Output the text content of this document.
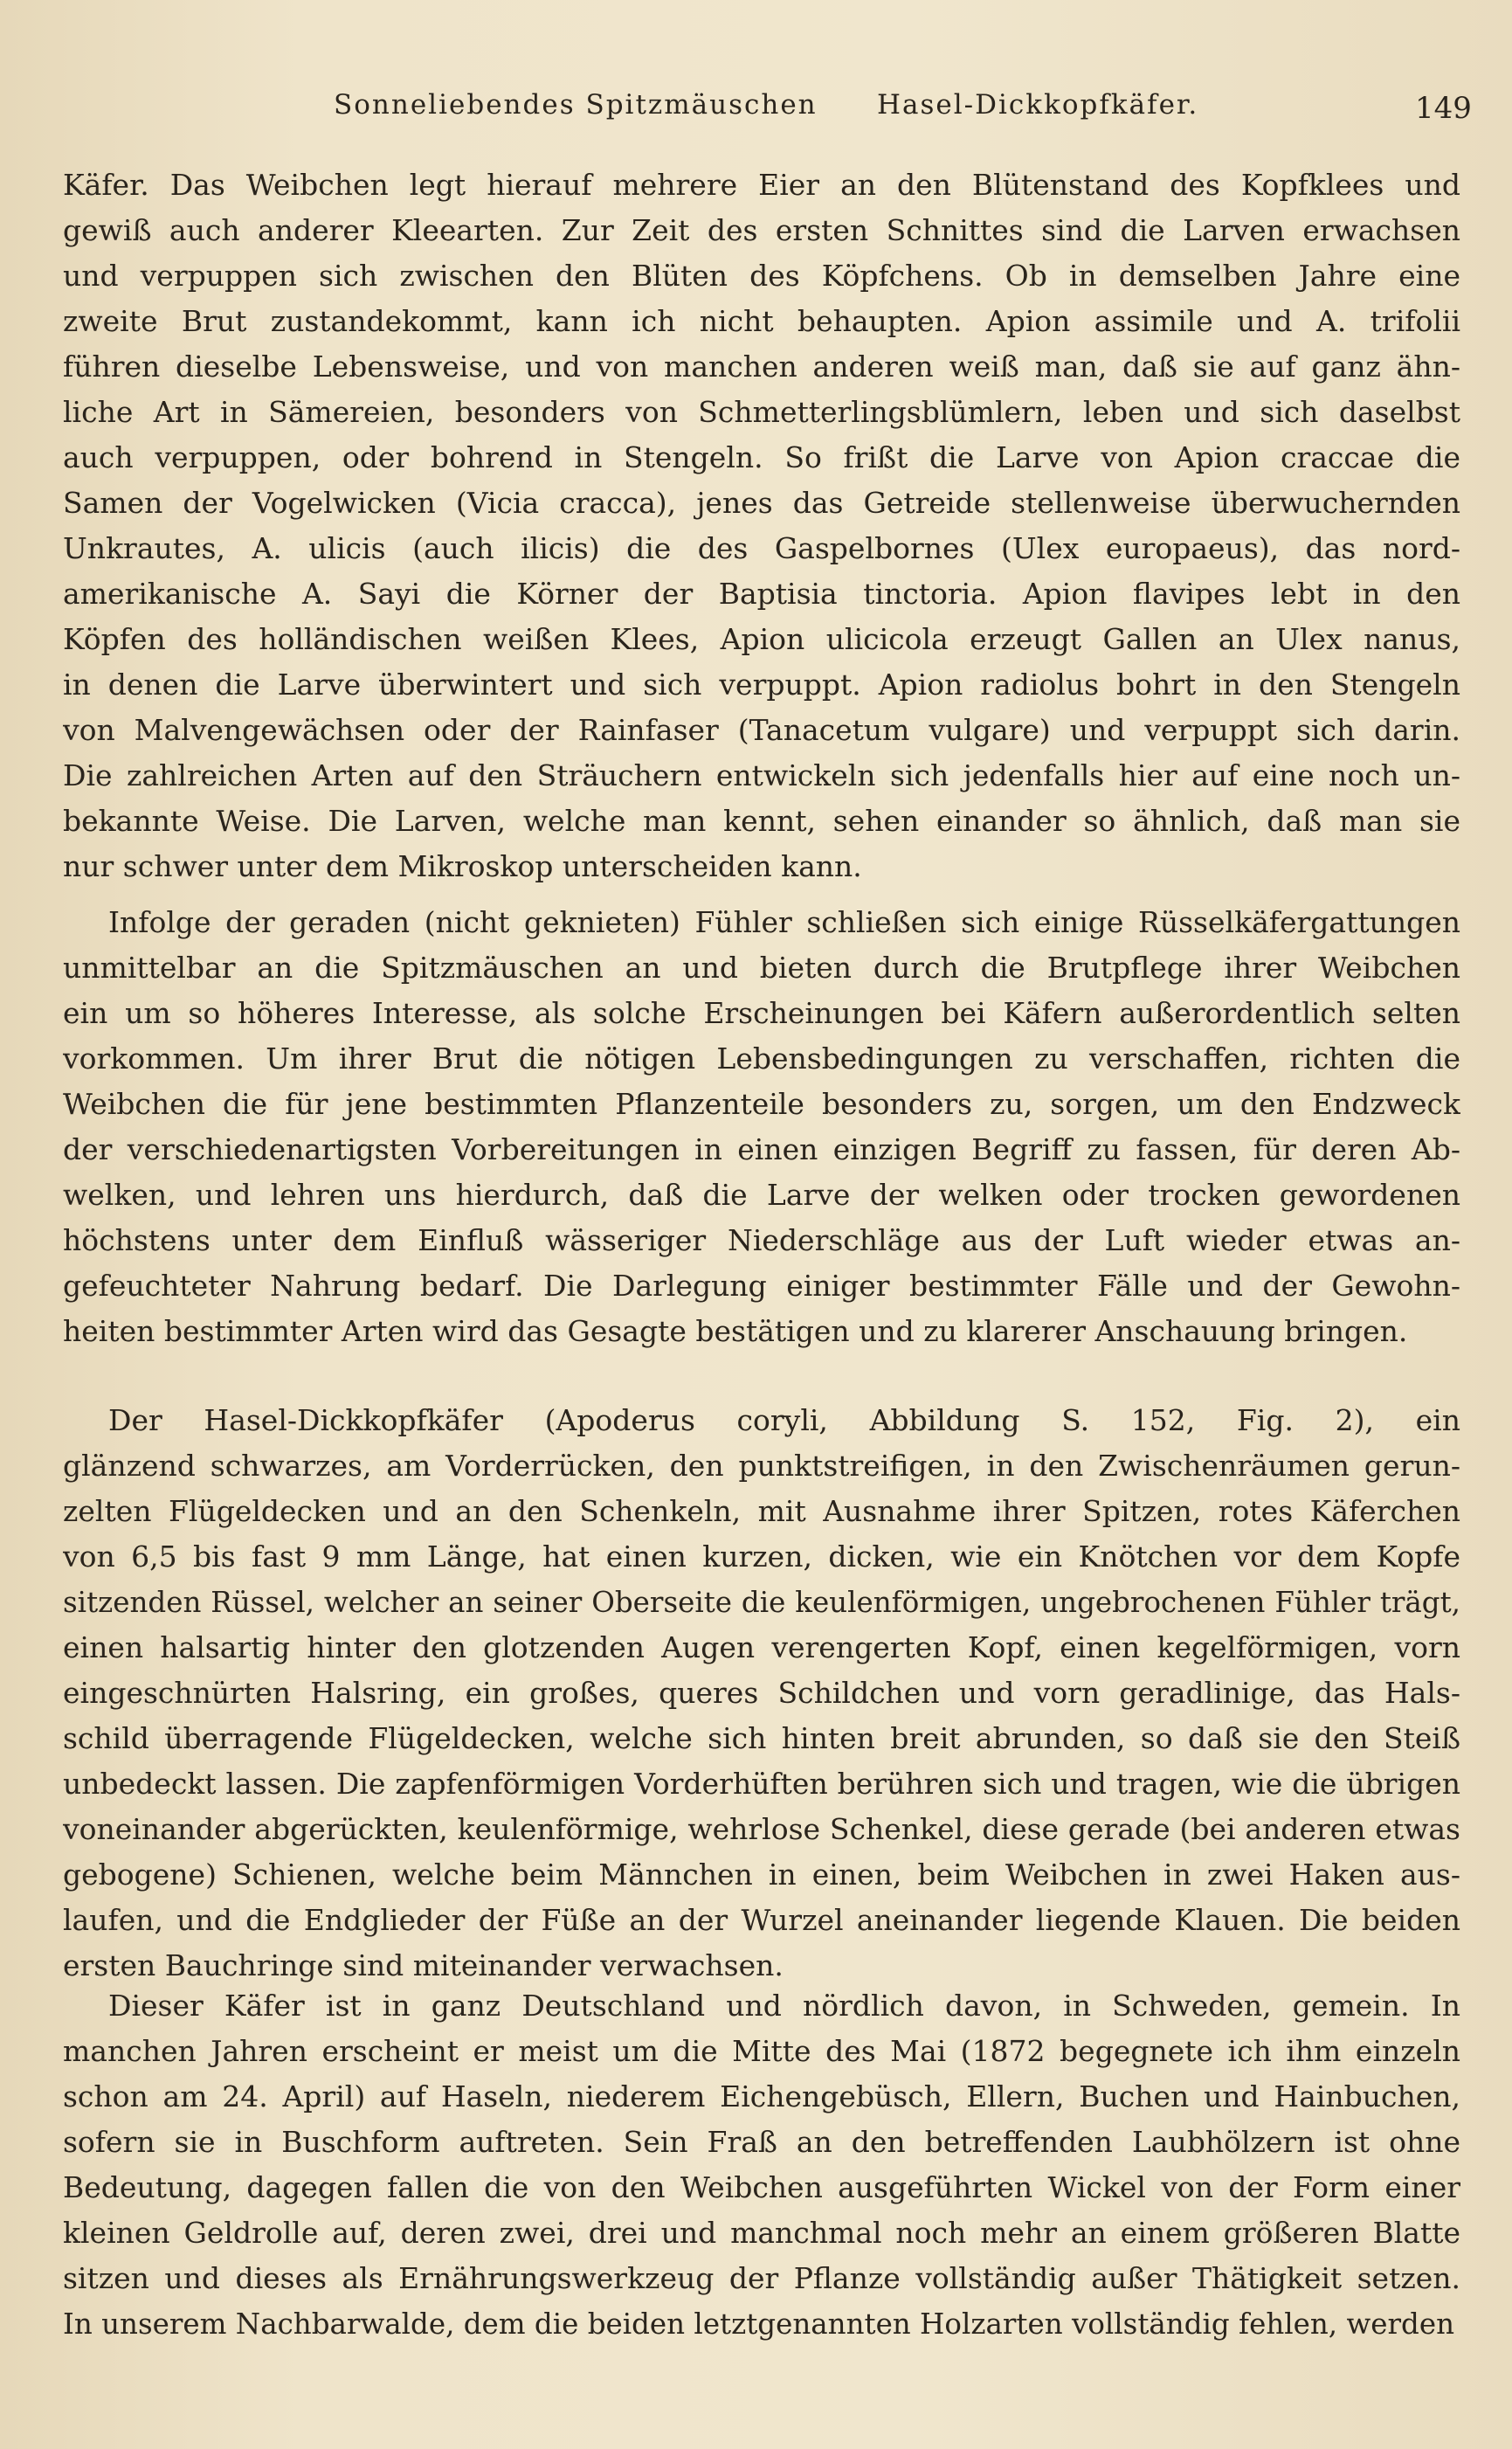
Sonneliebendes Spitzmäuschen Hasel-Dickkopfkäfer.	149
Käfer. Das Weibchen legt hierauf mehrere Eier an den Blütenstand des Kopfklees und
gewiß auch anderer Kleearten. Zur Zeit des ersten Schnittes sind die Larven erwachsen
und verpuppen sich zwischen den Blüten des Köpfchens. Ob in demselben Jahre eine
zweite Brut zustandekommt, kann ich nicht behaupten. Apion assimile und A. trifolii
führen dieselbe Lebensweise, und von manchen anderen weiß man, daß sie auf ganz ähn-
liche Art in Sämereien, besonders von Schmetterlingsblümlern, leben und sich daselbst
auch verpuppen, oder bohrend in Stengeln. So frißt die Larve von Apion craccae die
Samen der Vogelwicken (Vicia cracca), jenes das Getreide stellenweise überwuchernden
Unkrautes, A. ulicis (auch ilicis) die des Gaspelbornes (Ulex europaeus), das nord-
amerikanische A. Sayi die Körner der Baptisia tinctoria. Apion flavipes lebt in den
Köpfen des holländischen weißen Klees, Apion ulicicola erzeugt Gallen an Ulex nanus,
in denen die Larve überwintert und sich verpuppt. Apion radiolus bohrt in den Stengeln
von Malvengewächsen oder der Rainfaser (Tanacetum vulgare) und verpuppt sich darin.
Die zahlreichen Arten auf den Sträuchern entwickeln sich jedenfalls hier auf eine noch un-
bekannte Weise. Die Larven, welche man kennt, sehen einander so ähnlich, daß man sie
nur schwer unter dem Mikroskop unterscheiden kann.
Infolge der geraden (nicht geknieten) Fühler schließen sich einige Rüsselkäfergattungen
unmittelbar an die Spitzmäuschen an und bieten durch die Brutpflege ihrer Weibchen
ein um so höheres Interesse, als solche Erscheinungen bei Käfern außerordentlich selten
vorkommen. Um ihrer Brut die nötigen Lebensbedingungen zu verschaffen, richten die
Weibchen die für jene bestimmten Pflanzenteile besonders zu, sorgen, um den Endzweck
der verschiedenartigsten Vorbereitungen in einen einzigen Begriff zu fassen, für deren Ab-
welken, und lehren uns hierdurch, daß die Larve der welken oder trocken gewordenen
höchstens unter dem Einfluß wässeriger Niederschläge aus der Luft wieder etwas an-
gefeuchteter Nahrung bedarf. Die Darlegung einiger bestimmter Fälle und der Gewohn-
heiten bestimmter Arten wird das Gesagte bestätigen und zu klarerer Anschauung bringen.
Der Hasel-Dickkopfkäfer (Apoderus coryli, Abbildung S. 152, Fig. 2), ein
glänzend schwarzes, am Vorderrücken, den punktstreifigen, in den Zwischenräumen gerun-
zelten Flügeldecken und an den Schenkeln, mit Ausnahme ihrer Spitzen, rotes Käferchen
von 6,5 bis fast 9 mm Länge, hat einen kurzen, dicken, wie ein Knötchen vor dem Kopfe
sitzenden Rüssel, welcher an seiner Oberseite die keulenförmigen, ungebrochenen Fühler trägt,
einen halsartig hinter den glotzenden Augen verengerten Kopf, einen kegelförmigen, vorn
eingeschnürten Halsring, ein großes, queres Schildchen und vorn geradlinige, das Hals-
schild überragende Flügeldecken, welche sich hinten breit abrunden, so daß sie den Steiß
unbedeckt lassen. Die zapfenförmigen Vorderhüften berühren sich und tragen, wie die übrigen
voneinander abgerückten, keulenförmige, wehrlose Schenkel, diese gerade (bei anderen etwas
gebogene) Schienen, welche beim Männchen in einen, beim Weibchen in zwei Haken aus-
laufen, und die Endglieder der Füße an der Wurzel aneinander liegende Klauen. Die beiden
ersten Bauchringe sind miteinander verwachsen.
Dieser Käfer ist in ganz Deutschland und nördlich davon, in Schweden, gemein. In
manchen Jahren erscheint er meist um die Mitte des Mai (1872 begegnete ich ihm einzeln
schon am 24. April) auf Haseln, niederem Eichengebüsch, Ellern, Buchen und Hainbuchen,
sofern sie in Buschform auftreten. Sein Fraß an den betreffenden Laubhölzern ist ohne
Bedeutung, dagegen fallen die von den Weibchen ausgeführten Wickel von der Form einer
kleinen Geldrolle auf, deren zwei, drei und manchmal noch mehr an einem größeren Blatte
sitzen und dieses als Ernährungswerkzeug der Pflanze vollständig außer Thätigkeit setzen.
In unserem Nachbarwalde, dem die beiden letztgenannten Holzarten vollständig fehlen, werden
